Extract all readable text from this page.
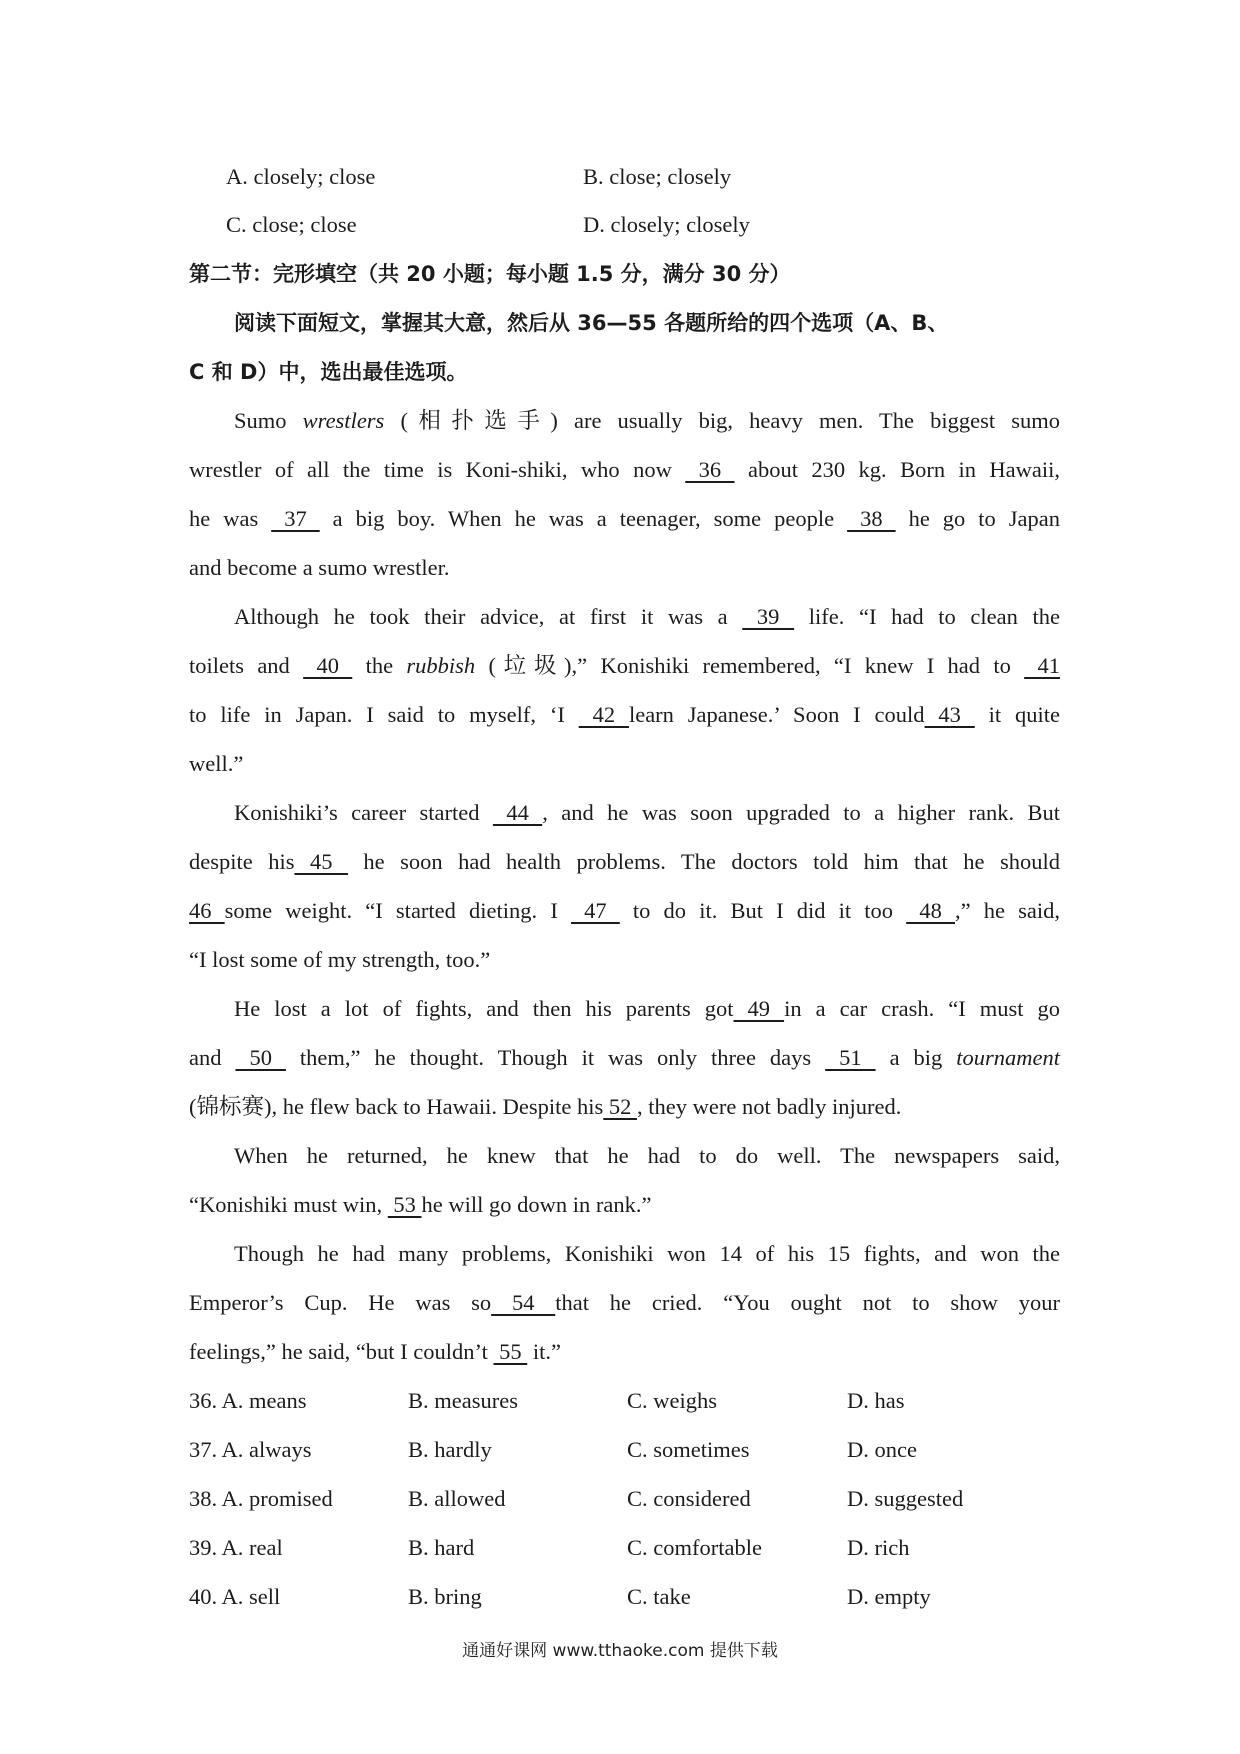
A. closely; close	B. close; closely
C. close; close	D. closely; closely
第二节：完形填空（共 20 小题；每小题 1.5 分，满分 30 分）
阅读下面短文，掌握其大意，然后从 36—55 各题所给的四个选项（A、B、
C 和 D）中，选出最佳选项。
Sumo wrestlers (相扑选手) are usually big, heavy men. The biggest sumo
wrestler of all the time is Koni-shiki, who now  36  about 230 kg. Born in Hawaii,
he was  37  a big boy. When he was a teenager, some people  38  he go to Japan
and become a sumo wrestler.
Although he took their advice, at first it was a  39  life. “I had to clean the
toilets and  40  the rubbish (垃圾),” Konishiki remembered, “I knew I had to  41
to life in Japan. I said to myself, ‘I  42 learn Japanese.’ Soon I could 43  it quite
well.”
Konishiki’s career started  44 , and he was soon upgraded to a higher rank. But
despite his 45  he soon had health problems. The doctors told him that he should
46 some weight. “I started dieting. I  47  to do it. But I did it too  48 ,” he said,
“I lost some of my strength, too.”
He lost a lot of fights, and then his parents got 49 in a car crash. “I must go
and  50  them,” he thought. Though it was only three days  51  a big tournament
(锦标赛), he flew back to Hawaii. Despite his 52 , they were not badly injured.
When he returned, he knew that he had to do well. The newspapers said,
“Konishiki must win,  53 he will go down in rank.”
Though he had many problems, Konishiki won 14 of his 15 fights, and won the
Emperor’s Cup. He was so 54 that he cried. “You ought not to show your
feelings,” he said, “but I couldn’t  55  it.”
36. A. means	B. measures	C. weighs	D. has
37. A. always	B. hardly	C. sometimes	D. once
38. A. promised	B. allowed	C. considered	D. suggested
39. A. real	B. hard	C. comfortable	D. rich
40. A. sell	B. bring	C. take	D. empty
通通好课网 www.tthaoke.com 提供下载
